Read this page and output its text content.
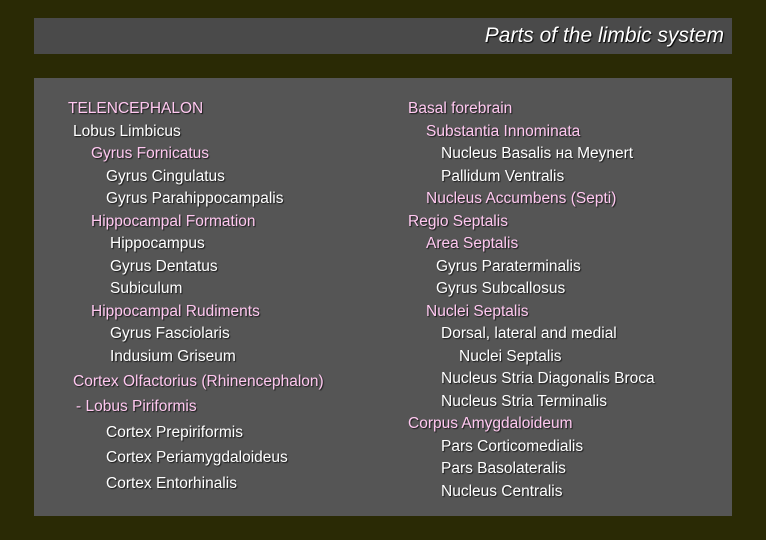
Parts of the limbic system
TELENCEPHALON
Lobus Limbicus
Gyrus Fornicatus
Gyrus Cingulatus
Gyrus Parahippocampalis
Hippocampal Formation
Hippocampus
Gyrus Dentatus
Subiculum
Hippocampal Rudiments
Gyrus Fasciolaris
Indusium Griseum
Cortex Olfactorius (Rhinencephalon)
- Lobus Piriformis
Cortex Prepiriformis
Cortex Periamygdaloideus
Cortex Entorhinalis
Basal forebrain
Substantia Innominata
Nucleus Basalis на Meynert
Pallidum Ventralis
Nucleus Accumbens (Septi)
Regio Septalis
Area Septalis
Gyrus Paraterminalis
Gyrus Subcallosus
Nuclei Septalis
Dorsal, lateral and medial
Nuclei Septalis
Nucleus Stria Diagonalis Broca
Nucleus Stria Terminalis
Corpus Amygdaloideum
Pars Corticomedialis
Pars Basolateralis
Nucleus Centralis
